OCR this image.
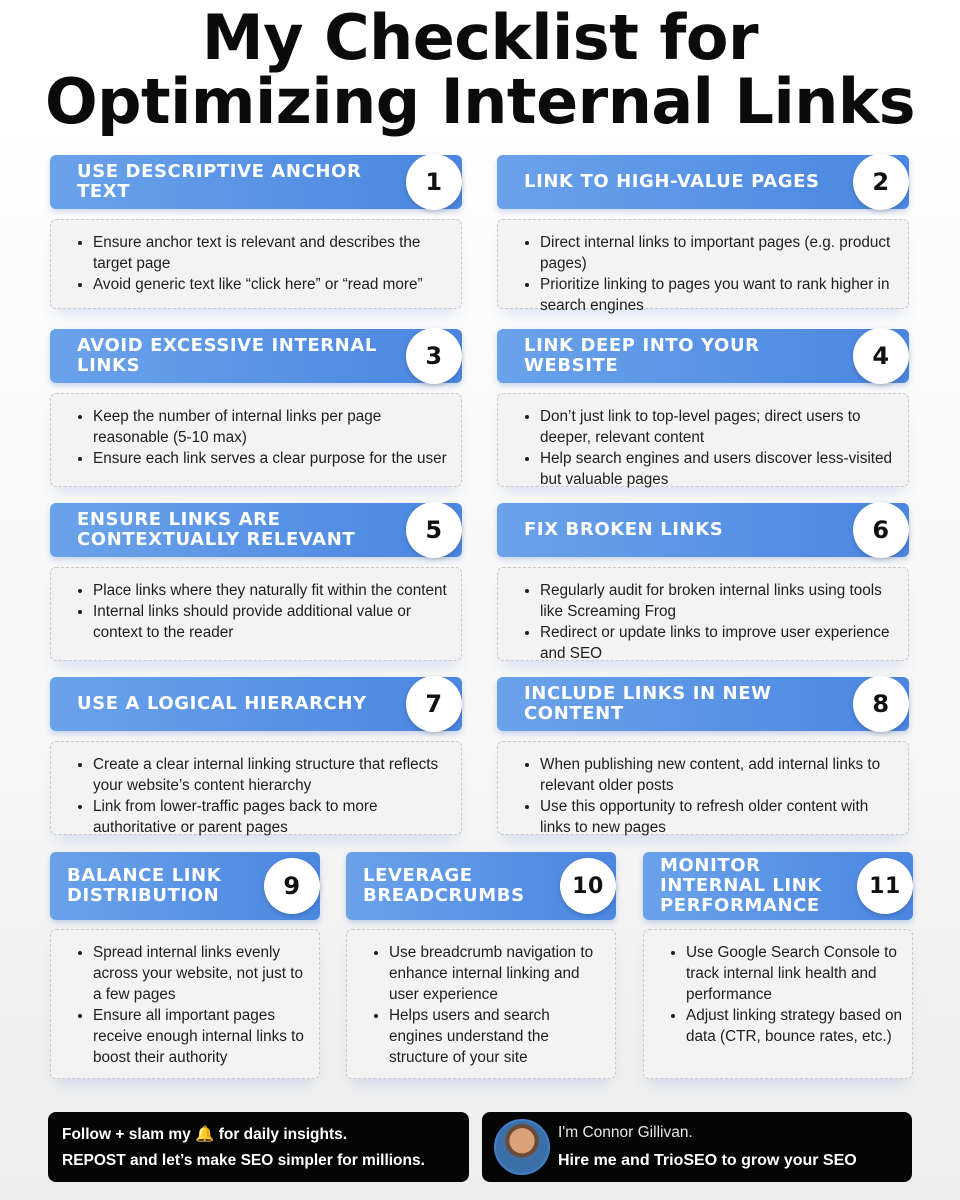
My Checklist for
Optimizing Internal Links
USE DESCRIPTIVE ANCHOR TEXT	1
• Ensure anchor text is relevant and describes the target page
• Avoid generic text like “click here” or “read more”
LINK TO HIGH-VALUE PAGES	2
• Direct internal links to important pages (e.g. product pages)
• Prioritize linking to pages you want to rank higher in search engines
AVOID EXCESSIVE INTERNAL LINKS	3
• Keep the number of internal links per page reasonable (5-10 max)
• Ensure each link serves a clear purpose for the user
LINK DEEP INTO YOUR WEBSITE	4
• Don’t just link to top-level pages; direct users to deeper, relevant content
• Help search engines and users discover less-visited but valuable pages
ENSURE LINKS ARE CONTEXTUALLY RELEVANT	5
• Place links where they naturally fit within the content
• Internal links should provide additional value or context to the reader
FIX BROKEN LINKS	6
• Regularly audit for broken internal links using tools like Screaming Frog
• Redirect or update links to improve user experience and SEO
USE A LOGICAL HIERARCHY	7
• Create a clear internal linking structure that reflects your website’s content hierarchy
• Link from lower-traffic pages back to more authoritative or parent pages
INCLUDE LINKS IN NEW CONTENT	8
• When publishing new content, add internal links to relevant older posts
• Use this opportunity to refresh older content with links to new pages
BALANCE LINK DISTRIBUTION	9
• Spread internal links evenly across your website, not just to a few pages
• Ensure all important pages receive enough internal links to boost their authority
LEVERAGE BREADCRUMBS	10
• Use breadcrumb navigation to enhance internal linking and user experience
• Helps users and search engines understand the structure of your site
MONITOR INTERNAL LINK PERFORMANCE
11
• Use Google Search Console to track internal link health and performance
• Adjust linking strategy based on data (CTR, bounce rates, etc.)
Follow + slam my 🔔 for daily insights.
REPOST and let’s make SEO simpler for millions.
I'm Connor Gillivan.
Hire me and TrioSEO to grow your SEO
